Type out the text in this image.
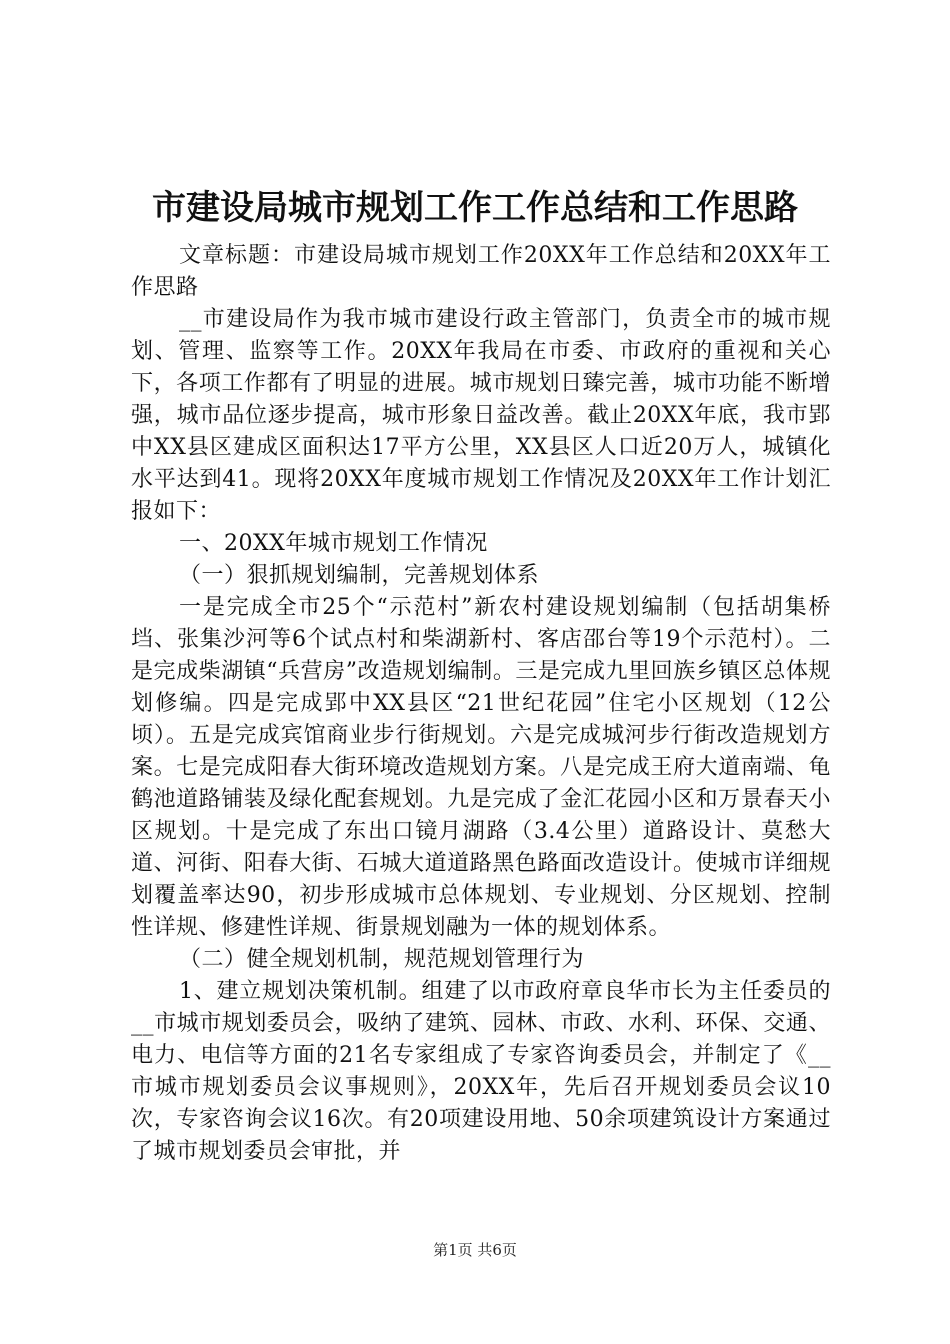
市建设局城市规划工作工作总结和工作思路

文章标题：市建设局城市规划工作20XX年工作总结和20XX年工作思路

__市建设局作为我市城市建设行政主管部门，负责全市的城市规划、管理、监察等工作。20XX年我局在市委、市政府的重视和关心下，各项工作都有了明显的进展。城市规划日臻完善，城市功能不断增强，城市品位逐步提高，城市形象日益改善。截止20XX年底，我市郢中XX县区建成区面积达17平方公里，XX县区人口近20万人，城镇化水平达到41。现将20XX年度城市规划工作情况及20XX年工作计划汇报如下：

一、20XX年城市规划工作情况

（一）狠抓规划编制，完善规划体系

一是完成全市25个“示范村”新农村建设规划编制（包括胡集桥垱、张集沙河等6个试点村和柴湖新村、客店邵台等19个示范村）。二是完成柴湖镇“兵营房”改造规划编制。三是完成九里回族乡镇区总体规划修编。四是完成郢中XX县区“21世纪花园”住宅小区规划（12公顷）。五是完成宾馆商业步行街规划。六是完成城河步行街改造规划方案。七是完成阳春大街环境改造规划方案。八是完成王府大道南端、龟鹤池道路铺装及绿化配套规划。九是完成了金汇花园小区和万景春天小区规划。十是完成了东出口镜月湖路（3.4公里）道路设计、莫愁大道、河街、阳春大街、石城大道道路黑色路面改造设计。使城市详细规划覆盖率达90，初步形成城市总体规划、专业规划、分区规划、控制性详规、修建性详规、街景规划融为一体的规划体系。

（二）健全规划机制，规范规划管理行为

1、建立规划决策机制。组建了以市政府章良华市长为主任委员的__市城市规划委员会，吸纳了建筑、园林、市政、水利、环保、交通、电力、电信等方面的21名专家组成了专家咨询委员会，并制定了《__市城市规划委员会议事规则》，20XX年，先后召开规划委员会议10次，专家咨询会议16次。有20项建设用地、50余项建筑设计方案通过了城市规划委员会审批，并

第1页 共6页
